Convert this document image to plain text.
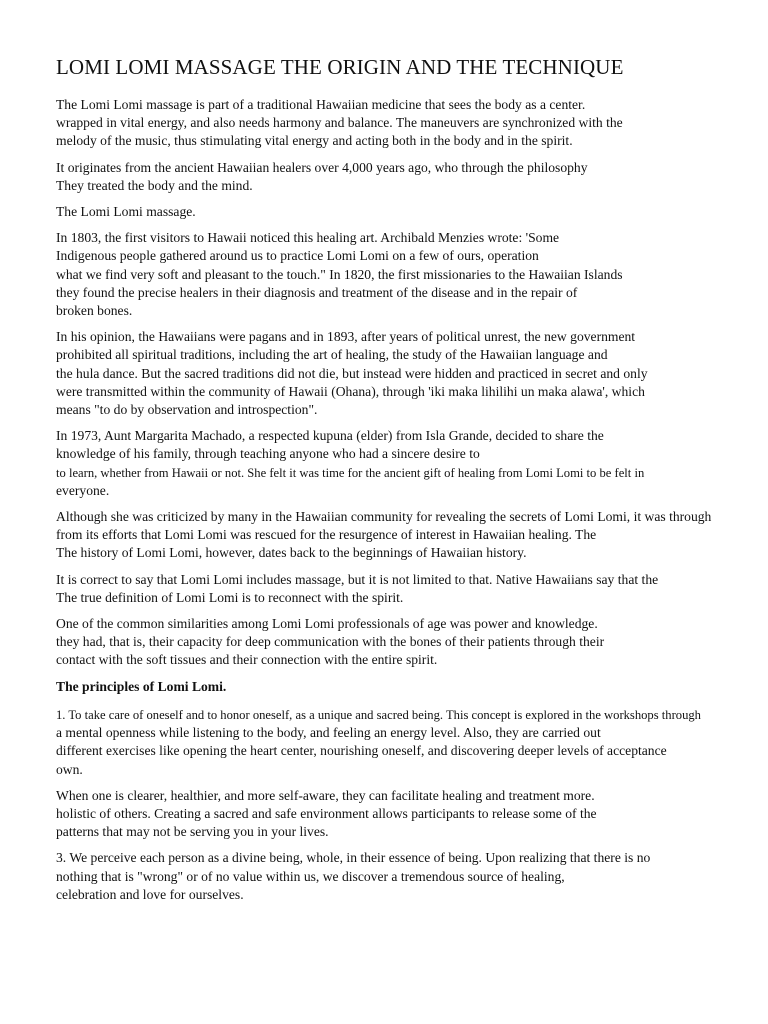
LOMI LOMI MASSAGE THE ORIGIN AND THE TECHNIQUE
The Lomi Lomi massage is part of a traditional Hawaiian medicine that sees the body as a center.
wrapped in vital energy, and also needs harmony and balance. The maneuvers are synchronized with the
melody of the music, thus stimulating vital energy and acting both in the body and in the spirit.
It originates from the ancient Hawaiian healers over 4,000 years ago, who through the philosophy
They treated the body and the mind.
The Lomi Lomi massage.
In 1803, the first visitors to Hawaii noticed this healing art. Archibald Menzies wrote: 'Some
Indigenous people gathered around us to practice Lomi Lomi on a few of ours, operation
what we find very soft and pleasant to the touch." In 1820, the first missionaries to the Hawaiian Islands
they found the precise healers in their diagnosis and treatment of the disease and in the repair of
broken bones.
In his opinion, the Hawaiians were pagans and in 1893, after years of political unrest, the new government
prohibited all spiritual traditions, including the art of healing, the study of the Hawaiian language and
the hula dance. But the sacred traditions did not die, but instead were hidden and practiced in secret and only
were transmitted within the community of Hawaii (Ohana), through 'iki maka lihilihi un maka alawa', which
means "to do by observation and introspection".
In 1973, Aunt Margarita Machado, a respected kupuna (elder) from Isla Grande, decided to share the
knowledge of his family, through teaching anyone who had a sincere desire to
to learn, whether from Hawaii or not. She felt it was time for the ancient gift of healing from Lomi Lomi to be felt in
everyone.
Although she was criticized by many in the Hawaiian community for revealing the secrets of Lomi Lomi, it was through
from its efforts that Lomi Lomi was rescued for the resurgence of interest in Hawaiian healing. The
The history of Lomi Lomi, however, dates back to the beginnings of Hawaiian history.
It is correct to say that Lomi Lomi includes massage, but it is not limited to that. Native Hawaiians say that the
The true definition of Lomi Lomi is to reconnect with the spirit.
One of the common similarities among Lomi Lomi professionals of age was power and knowledge.
they had, that is, their capacity for deep communication with the bones of their patients through their
contact with the soft tissues and their connection with the entire spirit.
The principles of Lomi Lomi.
1. To take care of oneself and to honor oneself, as a unique and sacred being. This concept is explored in the workshops through
a mental openness while listening to the body, and feeling an energy level. Also, they are carried out
different exercises like opening the heart center, nourishing oneself, and discovering deeper levels of acceptance
own.
When one is clearer, healthier, and more self-aware, they can facilitate healing and treatment more.
holistic of others. Creating a sacred and safe environment allows participants to release some of the
patterns that may not be serving you in your lives.
3. We perceive each person as a divine being, whole, in their essence of being. Upon realizing that there is no
nothing that is "wrong" or of no value within us, we discover a tremendous source of healing,
celebration and love for ourselves.
